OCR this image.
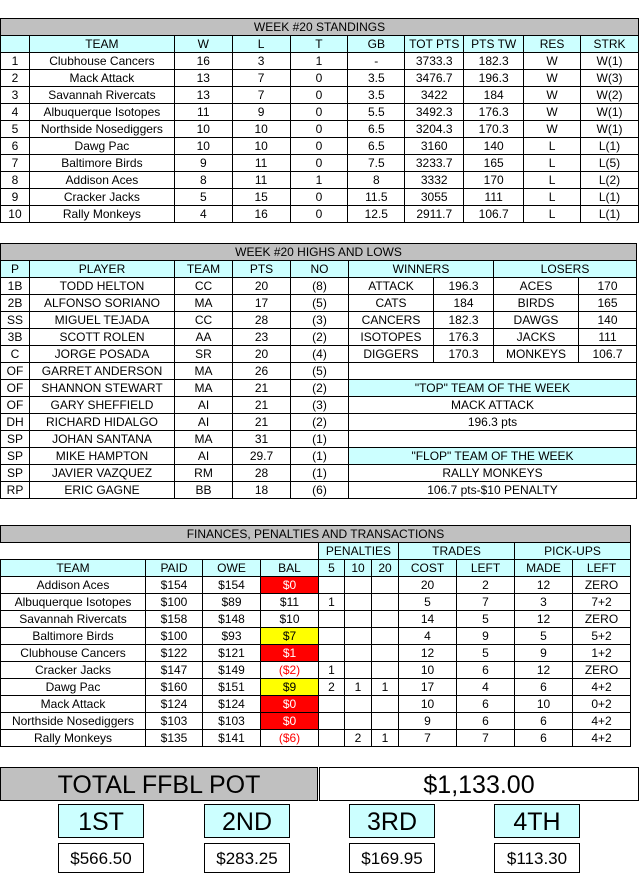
WEEK #20 STANDINGS									
	TEAM	W	L	T	GB	TOT PTS	PTS TW	RES	STRK
1	Clubhouse Cancers	16	3	1	-	3733.3	182.3	W	W(1)
2	Mack Attack	13	7	0	3.5	3476.7	196.3	W	W(3)
3	Savannah Rivercats	13	7	0	3.5	3422	184	W	W(2)
4	Albuquerque Isotopes	11	9	0	5.5	3492.3	176.3	W	W(1)
5	Northside Nosediggers	10	10	0	6.5	3204.3	170.3	W	W(1)
6	Dawg Pac	10	10	0	6.5	3160	140	L	L(1)
7	Baltimore Birds	9	11	0	7.5	3233.7	165	L	L(5)
8	Addison Aces	8	11	1	8	3332	170	L	L(2)
9	Cracker Jacks	5	15	0	11.5	3055	111	L	L(1)
10	Rally Monkeys	4	16	0	12.5	2911.7	106.7	L	L(1)
WEEK #20 HIGHS AND LOWS								
P	PLAYER	TEAM	PTS	NO	WINNERS		LOSERS	
1B	TODD HELTON	CC	20	(8)	ATTACK	196.3	ACES	170
2B	ALFONSO SORIANO	MA	17	(5)	CATS	184	BIRDS	165
SS	MIGUEL TEJADA	CC	28	(3)	CANCERS	182.3	DAWGS	140
3B	SCOTT ROLEN	AA	23	(2)	ISOTOPES	176.3	JACKS	111
C	JORGE POSADA	SR	20	(4)	DIGGERS	170.3	MONKEYS	106.7
OF	GARRET ANDERSON	MA	26	(5)				
OF	SHANNON STEWART	MA	21	(2)	"TOP" TEAM OF THE WEEK			
OF	GARY SHEFFIELD	AI	21	(3)	MACK ATTACK			
DH	RICHARD HIDALGO	AI	21	(2)	196.3 pts			
SP	JOHAN SANTANA	MA	31	(1)				
SP	MIKE HAMPTON	AI	29.7	(1)	"FLOP" TEAM OF THE WEEK			
SP	JAVIER VAZQUEZ	RM	28	(1)	RALLY MONKEYS			
RP	ERIC GAGNE	BB	18	(6)	106.7 pts-$10 PENALTY			
FINANCES, PENALTIES AND TRANSACTIONS										
				PENALTIES			TRADES		PICK-UPS	
TEAM	PAID	OWE	BAL	5	10	20	COST	LEFT	MADE	LEFT
Addison Aces	$154	$154	$0				20	2	12	ZERO
Albuquerque Isotopes	$100	$89	$11	1			5	7	3	7+2
Savannah Rivercats	$158	$148	$10				14	5	12	ZERO
Baltimore Birds	$100	$93	$7				4	9	5	5+2
Clubhouse Cancers	$122	$121	$1				12	5	9	1+2
Cracker Jacks	$147	$149	($2)	1			10	6	12	ZERO
Dawg Pac	$160	$151	$9	2	1	1	17	4	6	4+2
Mack Attack	$124	$124	$0				10	6	10	0+2
Northside Nosediggers	$103	$103	$0				9	6	6	4+2
Rally Monkeys	$135	$141	($6)		2	1	7	7	6	4+2
TOTAL FFBL POT	$1,133.00
1ST	2ND	3RD	4TH
$566.50	$283.25	$169.95	$113.30
